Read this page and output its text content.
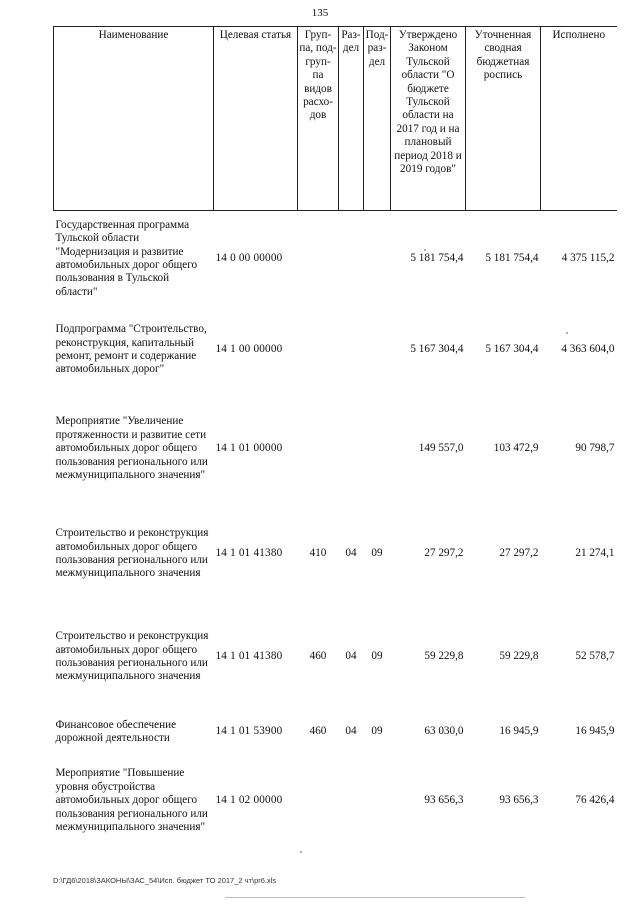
135
Наименование	Целевая статья	Груп- па, под- груп- па видов расхо- дов	Раз- дел	Под- раз- дел	Утверждено Законом Тульской области "О бюджете Тульской области на 2017 год и на плановый период 2018 и 2019 годов"	Уточненная сводная бюджетная роспись	Исполнено
Государственная программа Тульской области "Модернизация и развитие автомобильных дорог общего пользования в Тульской области"	14 0 00 00000				5 181 754,4	5 181 754,4	4 375 115,2
Подпрограмма "Строительство, реконструкция, капитальный ремонт, ремонт и содержание автомобильных дорог"	14 1 00 00000				5 167 304,4	5 167 304,4	4 363 604,0
Мероприятие "Увеличение протяженности и развитие сети автомобильных дорог общего пользования регионального или межмуниципального значения"	14 1 01 00000				149 557,0	103 472,9	90 798,7
Строительство и реконструкция автомобильных дорог общего пользования регионального или межмуниципального значения	14 1 01 41380	410	04	09	27 297,2	27 297,2	21 274,1
Строительство и реконструкция автомобильных дорог общего пользования регионального или межмуниципального значения	14 1 01 41380	460	04	09	59 229,8	59 229,8	52 578,7
Финансовое обеспечение дорожной деятельности	14 1 01 53900	460	04	09	63 030,0	16 945,9	16 945,9
Мероприятие "Повышение уровня обустройства автомобильных дорог общего пользования регионального или межмуниципального значения"	14 1 02 00000				93 656,3	93 656,3	76 426,4
D:\ГД6\2018\ЗАКОНЫ\ЗАС_54\Исп. бюджет ТО 2017_2 чт\pr6.xls
